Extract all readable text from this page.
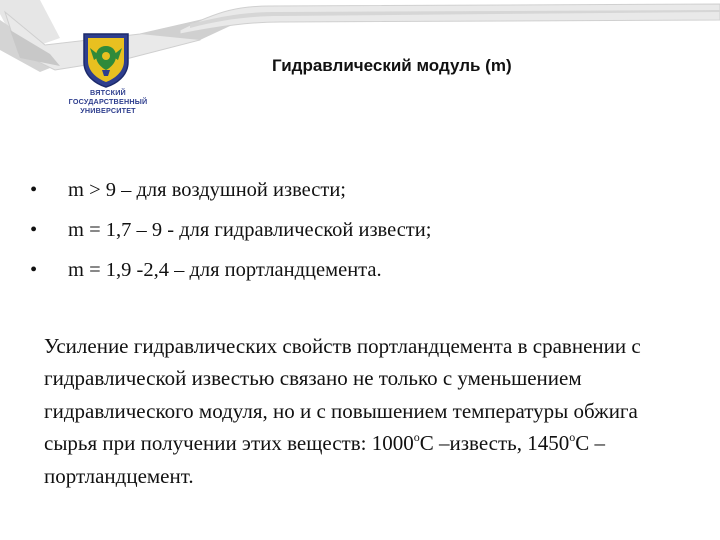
ВЯТСКИЙ
ГОСУДАРСТВЕННЫЙ
УНИВЕРСИТЕТ
Гидравлический модуль (m)
• m > 9 – для воздушной извести;
• m = 1,7 – 9 - для гидравлической извести;
• m = 1,9 -2,4 – для портландцемента.

Усиление гидравлических свойств портландцемента в сравнении с гидравлической известью связано не только с уменьшением гидравлического модуля, но и с повышением температуры обжига сырья при получении этих веществ: $1000^оС$ –известь, $1450^оС$ – портландцемент.
